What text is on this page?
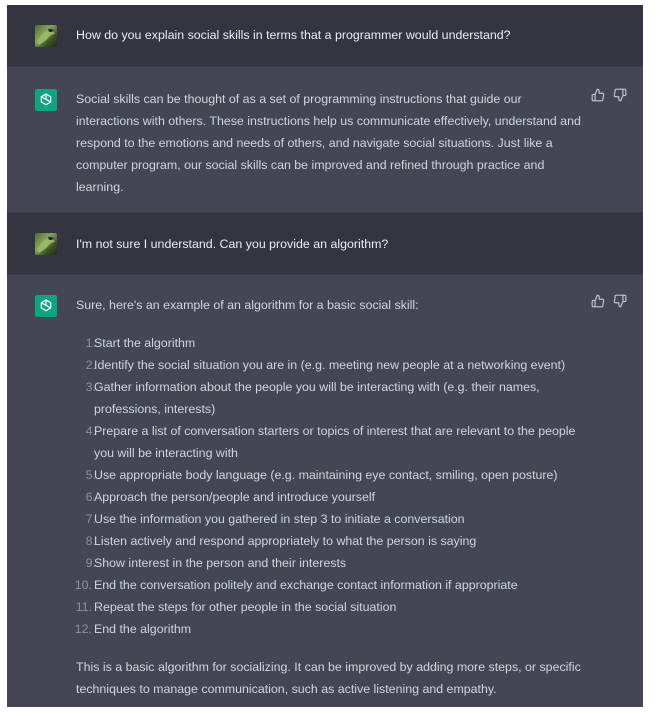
How do you explain social skills in terms that a programmer would understand?
Social skills can be thought of as a set of programming instructions that guide our interactions with others. These instructions help us communicate effectively, understand and respond to the emotions and needs of others, and navigate social situations. Just like a computer program, our social skills can be improved and refined through practice and learning.
I'm not sure I understand. Can you provide an algorithm?
Sure, here's an example of an algorithm for a basic social skill:
1.
Start the algorithm
2.
Identify the social situation you are in (e.g. meeting new people at a networking event)
3.
Gather information about the people you will be interacting with (e.g. their names, professions, interests)
4.
Prepare a list of conversation starters or topics of interest that are relevant to the people you will be interacting with
5.
Use appropriate body language (e.g. maintaining eye contact, smiling, open posture)
6.
Approach the person/people and introduce yourself
7.
Use the information you gathered in step 3 to initiate a conversation
8.
Listen actively and respond appropriately to what the person is saying
9.
Show interest in the person and their interests
10. End the conversation politely and exchange contact information if appropriate
11. Repeat the steps for other people in the social situation
12. End the algorithm
This is a basic algorithm for socializing. It can be improved by adding more steps, or specific techniques to manage communication, such as active listening and empathy.
